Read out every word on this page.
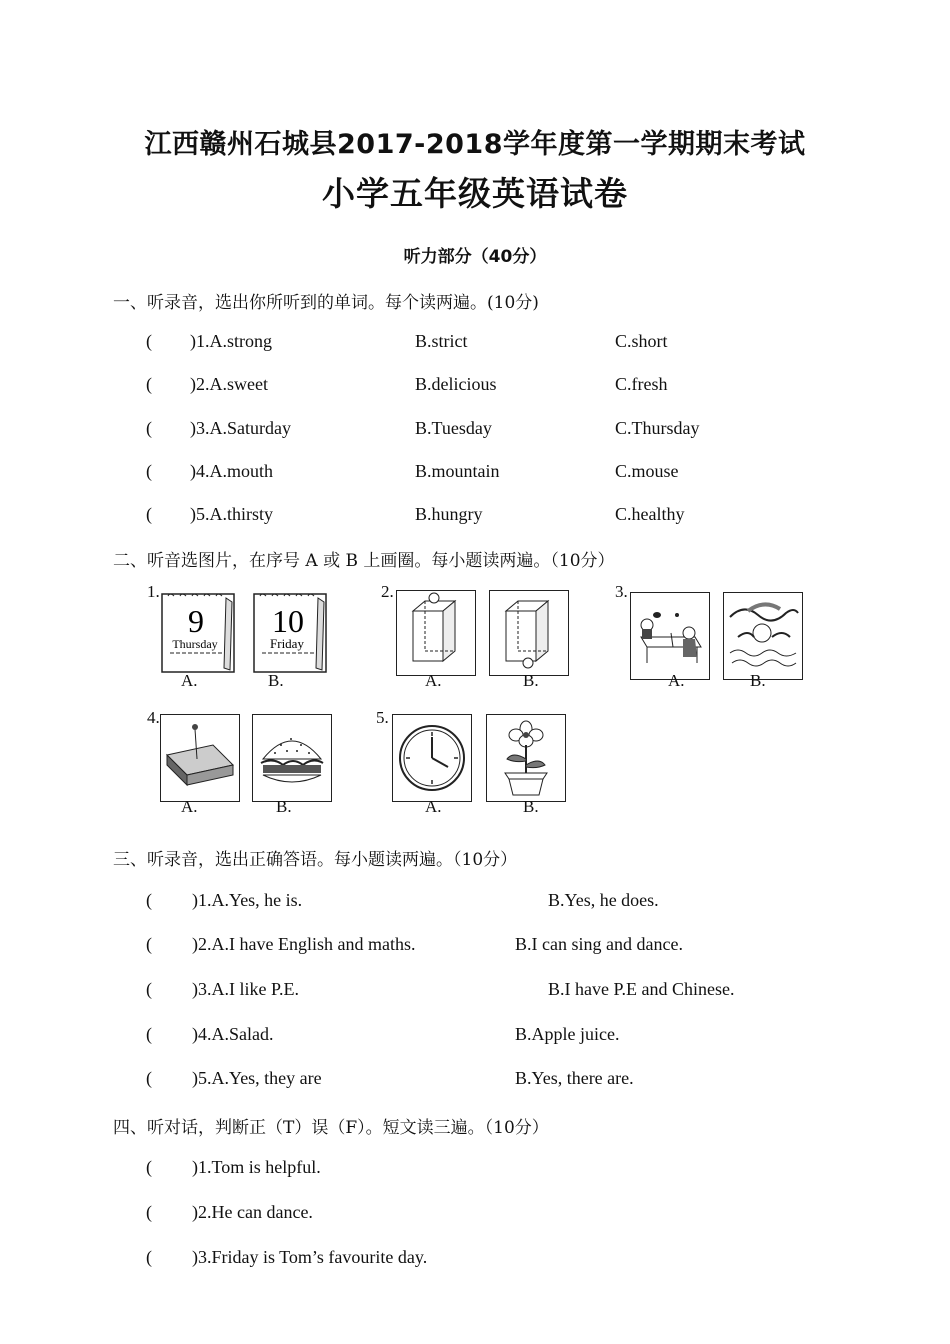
江西赣州石城县2017-2018学年度第一学期期末考试
小学五年级英语试卷
听力部分（40分）
一、听录音，选出你所听到的单词。每个读两遍。(10分)
( )1.A.strong	B.strict	C.short
( )2.A.sweet	B.delicious	C.fresh
( )3.A.Saturday	B.Tuesday	C.Thursday
( )4.A.mouth	B.mountain	C.mouse
( )5.A.thirsty	B.hungry	C.healthy
二、听音选图片，在序号 A 或 B 上画圈。每小题读两遍。（10分）
1.
9
Thursday
10
Friday
A.	B.
2.
A.	B.
3.
A.	B.
4.
A.	B.
5.
A.	B.
三、听录音，选出正确答语。每小题读两遍。（10分）
( )1.A.Yes, he is.	B.Yes, he does.
( )2.A.I have English and maths.	B.I can sing and dance.
( )3.A.I like P.E.	B.I have P.E and Chinese.
( )4.A.Salad.	B.Apple juice.
( )5.A.Yes, they are	B.Yes, there are.
四、听对话，判断正（T）误（F）。短文读三遍。（10分）
( )1.Tom is helpful.
( )2.He can dance.
( )3.Friday is Tom’s favourite day.
